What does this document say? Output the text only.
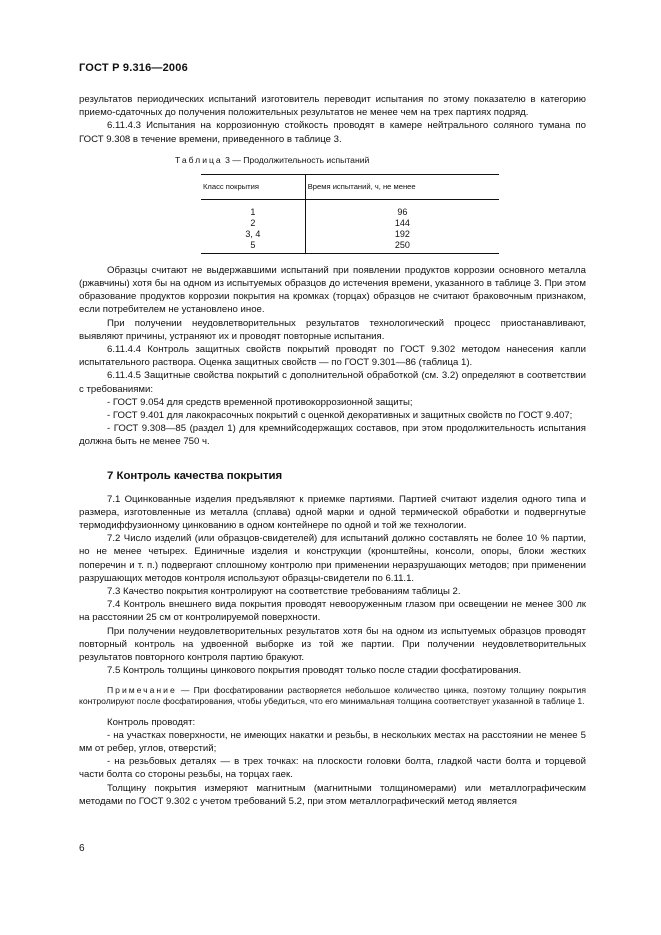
ГОСТ Р 9.316—2006

результатов периодических испытаний изготовитель переводит испытания по этому показателю в категорию приемо-сдаточных до получения положительных результатов не менее чем на трех партиях подряд.

6.11.4.3 Испытания на коррозионную стойкость проводят в камере нейтрального соляного тумана по ГОСТ 9.308 в течение времени, приведенного в таблице 3.

Таблица 3 — Продолжительность испытаний
Класс покрытия	Время испытаний, ч, не менее
1	96
2	144
3, 4	192
5	250

Образцы считают не выдержавшими испытаний при появлении продуктов коррозии основного металла (ржавчины) хотя бы на одном из испытуемых образцов до истечения времени, указанного в таблице 3. При этом образование продуктов коррозии покрытия на кромках (торцах) образцов не считают браковочным признаком, если потребителем не установлено иное.

При получении неудовлетворительных результатов технологический процесс приостанавливают, выявляют причины, устраняют их и проводят повторные испытания.

6.11.4.4 Контроль защитных свойств покрытий проводят по ГОСТ 9.302 методом нанесения капли испытательного раствора. Оценка защитных свойств — по ГОСТ 9.301—86 (таблица 1).

6.11.4.5 Защитные свойства покрытий с дополнительной обработкой (см. 3.2) определяют в соответствии с требованиями:

- ГОСТ 9.054 для средств временной противокоррозионной защиты;

- ГОСТ 9.401 для лакокрасочных покрытий с оценкой декоративных и защитных свойств по ГОСТ 9.407;

- ГОСТ 9.308—85 (раздел 1) для кремнийсодержащих составов, при этом продолжительность испытания должна быть не менее 750 ч.

7 Контроль качества покрытия

7.1 Оцинкованные изделия предъявляют к приемке партиями. Партией считают изделия одного типа и размера, изготовленные из металла (сплава) одной марки и одной термической обработки и подвергнутые термодиффузионному цинкованию в одном контейнере по одной и той же технологии.

7.2 Число изделий (или образцов-свидетелей) для испытаний должно составлять не более 10 % партии, но не менее четырех. Единичные изделия и конструкции (кронштейны, консоли, опоры, блоки жестких поперечин и т. п.) подвергают сплошному контролю при применении неразрушающих методов; при применении разрушающих методов контроля используют образцы-свидетели по 6.11.1.

7.3 Качество покрытия контролируют на соответствие требованиям таблицы 2.

7.4 Контроль внешнего вида покрытия проводят невооруженным глазом при освещении не менее 300 лк на расстоянии 25 см от контролируемой поверхности.

При получении неудовлетворительных результатов хотя бы на одном из испытуемых образцов проводят повторный контроль на удвоенной выборке из той же партии. При получении неудовлетворительных результатов повторного контроля партию бракуют.

7.5 Контроль толщины цинкового покрытия проводят только после стадии фосфатирования.

Примечание — При фосфатировании растворяется небольшое количество цинка, поэтому толщину покрытия контролируют после фосфатирования, чтобы убедиться, что его минимальная толщина соответствует указанной в таблице 1.

Контроль проводят:

- на участках поверхности, не имеющих накатки и резьбы, в нескольких местах на расстоянии не менее 5 мм от ребер, углов, отверстий;

- на резьбовых деталях — в трех точках: на плоскости головки болта, гладкой части болта и торцевой части болта со стороны резьбы, на торцах гаек.

Толщину покрытия измеряют магнитным (магнитными толщиномерами) или металлографическим методами по ГОСТ 9.302 с учетом требований 5.2, при этом металлографический метод является

6
